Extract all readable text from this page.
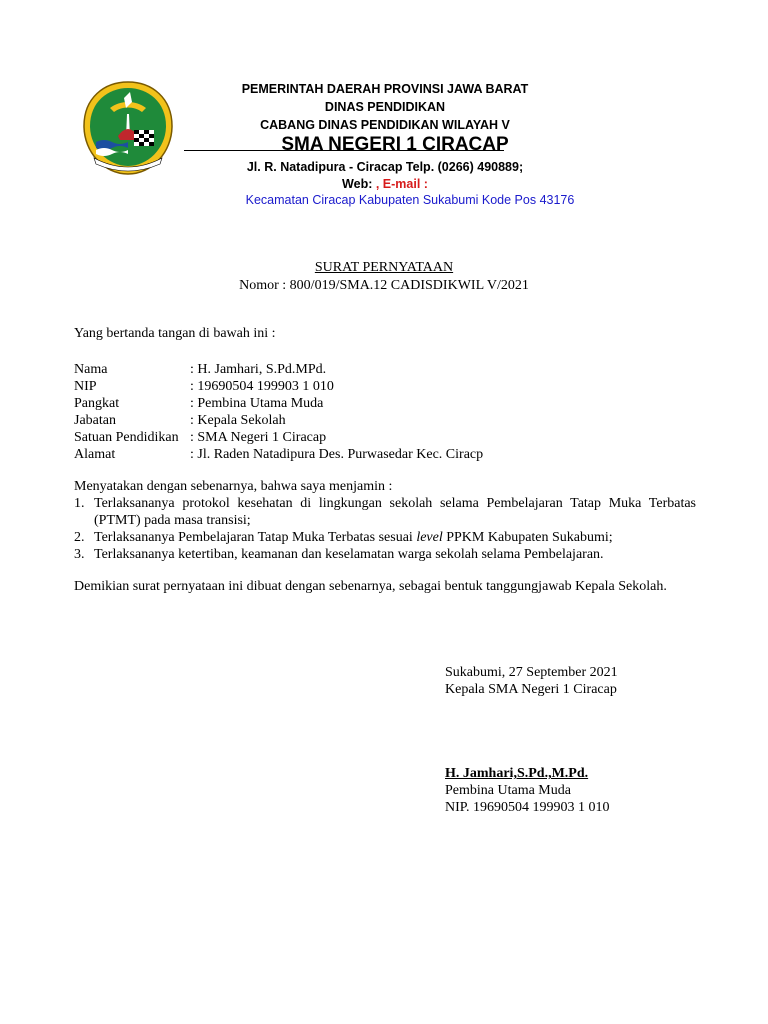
PEMERINTAH DAERAH PROVINSI JAWA BARAT
DINAS PENDIDIKAN
CABANG DINAS PENDIDIKAN WILAYAH V
SMA NEGERI 1 CIRACAP
Jl. R. Natadipura - Ciracap Telp. (0266) 490889;
Web: , E-mail :
Kecamatan Ciracap Kabupaten Sukabumi Kode Pos 43176
SURAT PERNYATAAN
Nomor : 800/019/SMA.12 CADISDIKWIL V/2021
Yang bertanda tangan di bawah ini :
Nama	: H. Jamhari, S.Pd.MPd.
NIP	: 19690504 199903 1 010
Pangkat	: Pembina Utama Muda
Jabatan	: Kepala Sekolah
Satuan Pendidikan : SMA Negeri 1 Ciracap
Alamat	: Jl. Raden Natadipura Des. Purwasedar Kec. Ciracp
Menyatakan dengan sebenarnya, bahwa saya menjamin :
1. Terlaksananya protokol kesehatan di lingkungan sekolah selama Pembelajaran Tatap Muka Terbatas (PTMT) pada masa transisi;
2. Terlaksananya Pembelajaran Tatap Muka Terbatas sesuai level PPKM Kabupaten Sukabumi;
3. Terlaksananya ketertiban, keamanan dan keselamatan warga sekolah selama Pembelajaran.
Demikian surat pernyataan ini dibuat dengan sebenarnya, sebagai bentuk tanggungjawab Kepala Sekolah.
Sukabumi, 27 September 2021
Kepala SMA Negeri 1 Ciracap
H. Jamhari,S.Pd.,M.Pd.
Pembina Utama Muda
NIP. 19690504 199903 1 010
